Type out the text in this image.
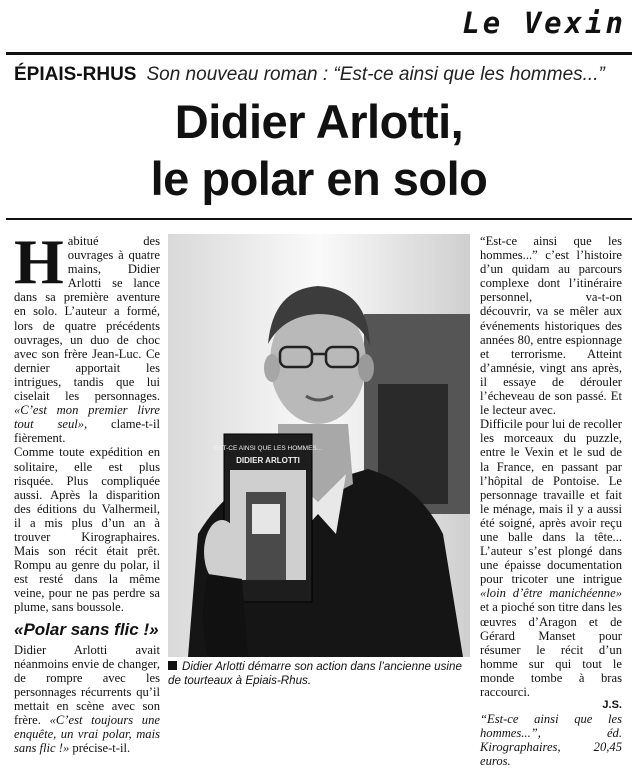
Le Vexin
ÉPIAIS-RHUS Son nouveau roman : “Est-ce ainsi que les hommes...”
Didier Arlotti,
le polar en solo

Habitué des ouvrages à quatre mains, Didier Arlotti se lance dans sa première aventure en solo. L’auteur a formé, lors de quatre précédents ouvrages, un duo de choc avec son frère Jean-Luc. Ce dernier apportait les intrigues, tandis que lui ciselait les personnages. «C’est mon premier livre tout seul», clame-t-il fièrement.

Comme toute expédition en solitaire, elle est plus risquée. Plus compliquée aussi. Après la disparition des éditions du Valhermeil, il a mis plus d’un an à trouver Kirographaires. Mais son récit était prêt. Rompu au genre du polar, il est resté dans la même veine, pour ne pas perdre sa plume, sans boussole.

«Polar sans flic !»

Didier Arlotti avait néanmoins envie de changer, de rompre avec les personnages récurrents qu’il mettait en scène avec son frère. «C’est toujours une enquête, un vrai polar, mais sans flic !» précise-t-il.

EST-CE AINSI QUE LES HOMMES...
DIDIER ARLOTTI
Didier Arlotti démarre son action dans l’ancienne usine de tourteaux à Epiais-Rhus.

“Est-ce ainsi que les hommes...” c’est l’histoire d’un quidam au parcours complexe dont l’itinéraire personnel, va-t-on découvrir, va se mêler aux événements historiques des années 80, entre espionnage et terrorisme. Atteint d’amnésie, vingt ans après, il essaye de dérouler l’écheveau de son passé. Et le lecteur avec.

Difficile pour lui de recoller les morceaux du puzzle, entre le Vexin et le sud de la France, en passant par l’hôpital de Pontoise. Le personnage travaille et fait le ménage, mais il y a aussi été soigné, après avoir reçu une balle dans la tête... L’auteur s’est plongé dans une épaisse documentation pour tricoter une intrigue «loin d’être manichéenne» et a pioché son titre dans les œuvres d’Aragon et de Gérard Manset pour résumer le récit d’un homme sur qui tout le monde tombe à bras raccourci.

J.S.

“Est-ce ainsi que les hommes...”, éd. Kirographaires, 20,45 euros.
